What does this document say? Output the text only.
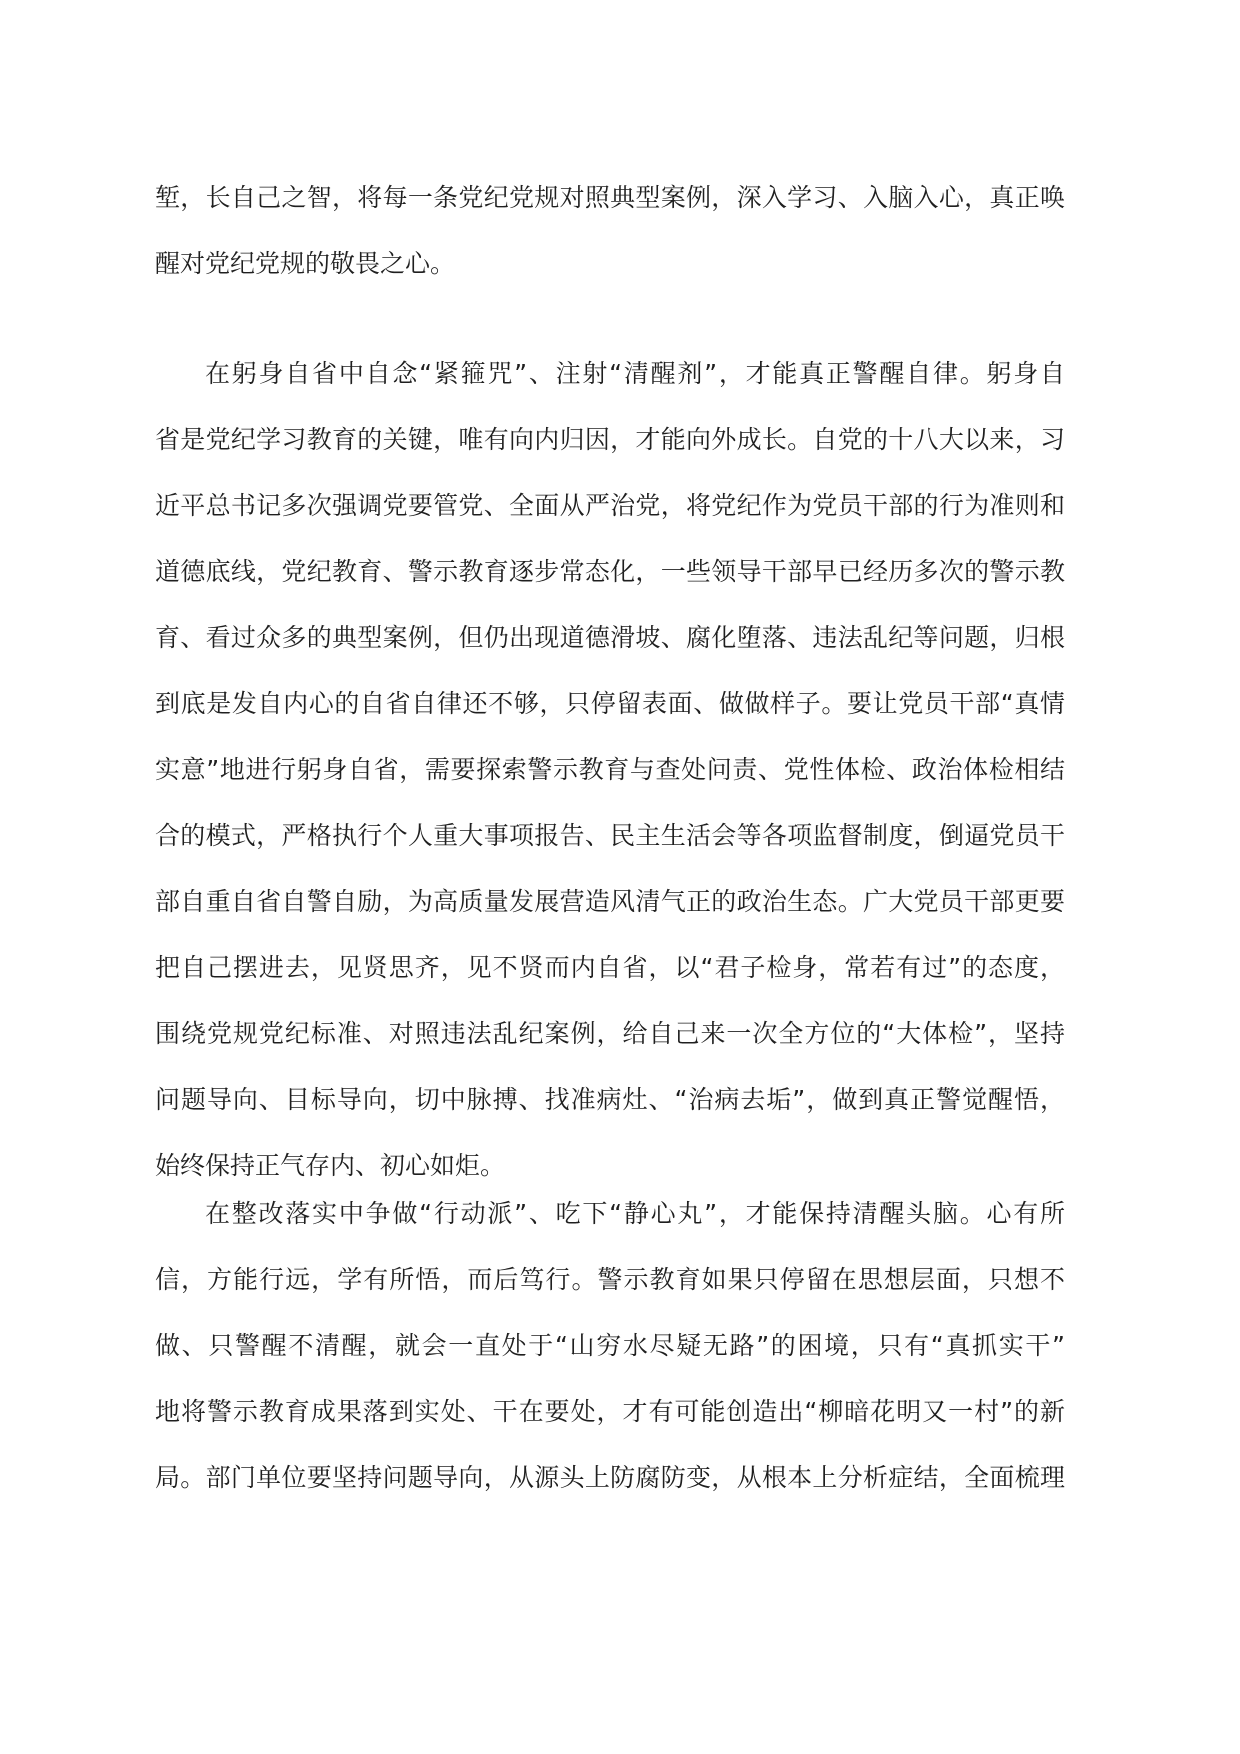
堑，长自己之智，将每一条党纪党规对照典型案例，深入学习、入脑入心，真正唤
醒对党纪党规的敬畏之心。
在躬身自省中自念“紧箍咒”、注射“清醒剂”，才能真正警醒自律。躬身自
省是党纪学习教育的关键，唯有向内归因，才能向外成长。自党的十八大以来，习
近平总书记多次强调党要管党、全面从严治党，将党纪作为党员干部的行为准则和
道德底线，党纪教育、警示教育逐步常态化，一些领导干部早已经历多次的警示教
育、看过众多的典型案例，但仍出现道德滑坡、腐化堕落、违法乱纪等问题，归根
到底是发自内心的自省自律还不够，只停留表面、做做样子。要让党员干部“真情
实意”地进行躬身自省，需要探索警示教育与查处问责、党性体检、政治体检相结
合的模式，严格执行个人重大事项报告、民主生活会等各项监督制度，倒逼党员干
部自重自省自警自励，为高质量发展营造风清气正的政治生态。广大党员干部更要
把自己摆进去，见贤思齐，见不贤而内自省，以“君子检身，常若有过”的态度，
围绕党规党纪标准、对照违法乱纪案例，给自己来一次全方位的“大体检”，坚持
问题导向、目标导向，切中脉搏、找准病灶、“治病去垢”，做到真正警觉醒悟，
始终保持正气存内、初心如炬。
在整改落实中争做“行动派”、吃下“静心丸”，才能保持清醒头脑。心有所
信，方能行远，学有所悟，而后笃行。警示教育如果只停留在思想层面，只想不
做、只警醒不清醒，就会一直处于“山穷水尽疑无路”的困境，只有“真抓实干”
地将警示教育成果落到实处、干在要处，才有可能创造出“柳暗花明又一村”的新
局。部门单位要坚持问题导向，从源头上防腐防变，从根本上分析症结，全面梳理
